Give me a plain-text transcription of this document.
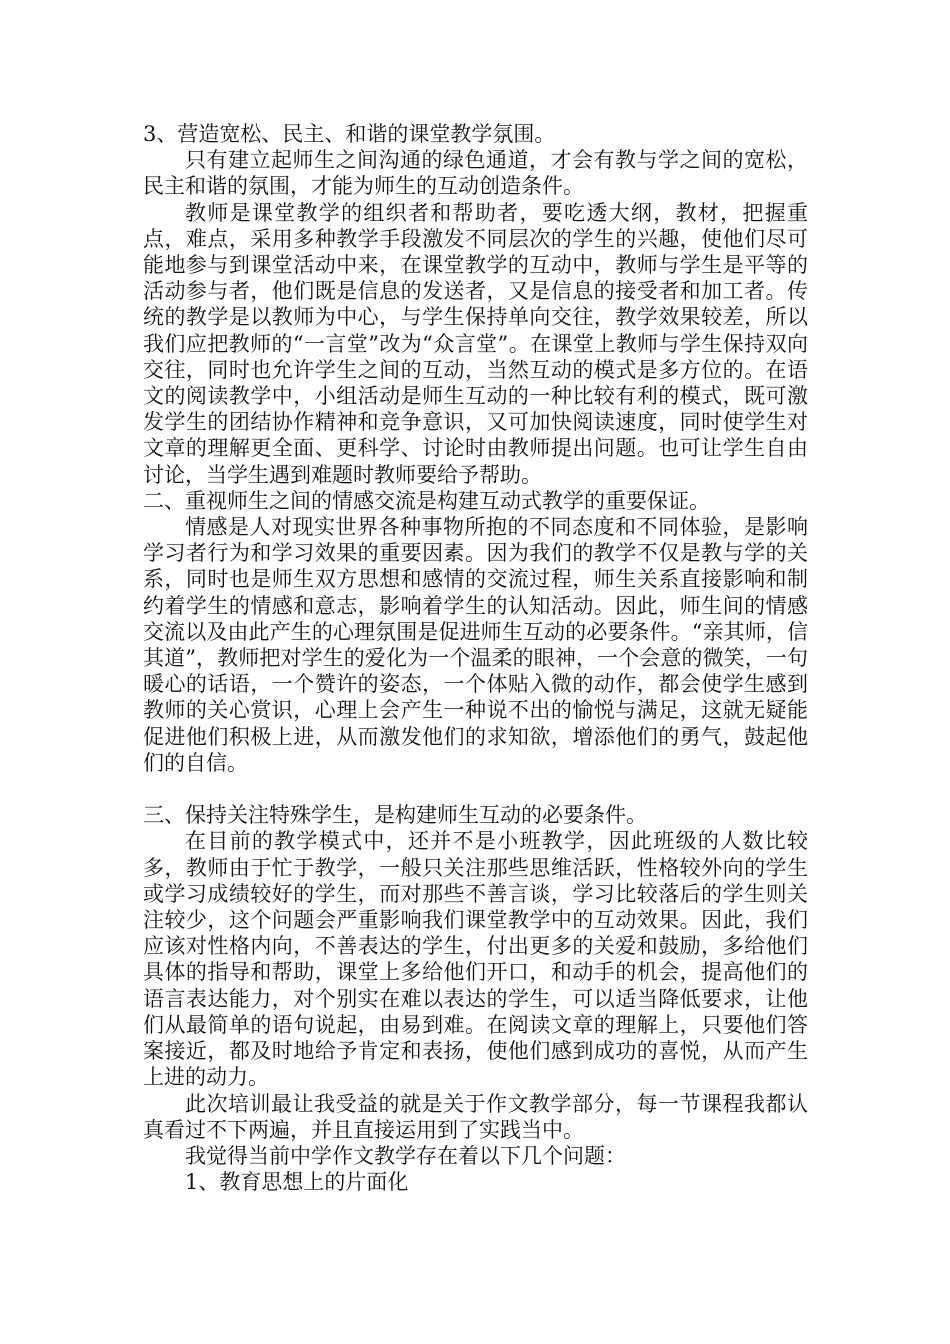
3、营造宽松、民主、和谐的课堂教学氛围。

只有建立起师生之间沟通的绿色通道，才会有教与学之间的宽松，民主和谐的氛围，才能为师生的互动创造条件。

教师是课堂教学的组织者和帮助者，要吃透大纲，教材，把握重点，难点，采用多种教学手段激发不同层次的学生的兴趣，使他们尽可能地参与到课堂活动中来，在课堂教学的互动中，教师与学生是平等的活动参与者，他们既是信息的发送者，又是信息的接受者和加工者。传统的教学是以教师为中心，与学生保持单向交往，教学效果较差，所以我们应把教师的“一言堂”改为“众言堂”。在课堂上教师与学生保持双向交往，同时也允许学生之间的互动，当然互动的模式是多方位的。在语文的阅读教学中，小组活动是师生互动的一种比较有利的模式，既可激发学生的团结协作精神和竞争意识，又可加快阅读速度，同时使学生对文章的理解更全面、更科学、讨论时由教师提出问题。也可让学生自由讨论，当学生遇到难题时教师要给予帮助。

二、重视师生之间的情感交流是构建互动式教学的重要保证。

情感是人对现实世界各种事物所抱的不同态度和不同体验，是影响学习者行为和学习效果的重要因素。因为我们的教学不仅是教与学的关系，同时也是师生双方思想和感情的交流过程，师生关系直接影响和制约着学生的情感和意志，影响着学生的认知活动。因此，师生间的情感交流以及由此产生的心理氛围是促进师生互动的必要条件。“亲其师，信其道”，教师把对学生的爱化为一个温柔的眼神，一个会意的微笑，一句暖心的话语，一个赞许的姿态，一个体贴入微的动作，都会使学生感到教师的关心赏识，心理上会产生一种说不出的愉悦与满足，这就无疑能促进他们积极上进，从而激发他们的求知欲，增添他们的勇气，鼓起他们的自信。

三、保持关注特殊学生，是构建师生互动的必要条件。

在目前的教学模式中，还并不是小班教学，因此班级的人数比较多，教师由于忙于教学，一般只关注那些思维活跃，性格较外向的学生或学习成绩较好的学生，而对那些不善言谈，学习比较落后的学生则关注较少，这个问题会严重影响我们课堂教学中的互动效果。因此，我们应该对性格内向，不善表达的学生，付出更多的关爱和鼓励，多给他们具体的指导和帮助，课堂上多给他们开口，和动手的机会，提高他们的语言表达能力，对个别实在难以表达的学生，可以适当降低要求，让他们从最简单的语句说起，由易到难。在阅读文章的理解上，只要他们答案接近，都及时地给予肯定和表扬，使他们感到成功的喜悦，从而产生上进的动力。

此次培训最让我受益的就是关于作文教学部分，每一节课程我都认真看过不下两遍，并且直接运用到了实践当中。

我觉得当前中学作文教学存在着以下几个问题：

1、教育思想上的片面化
